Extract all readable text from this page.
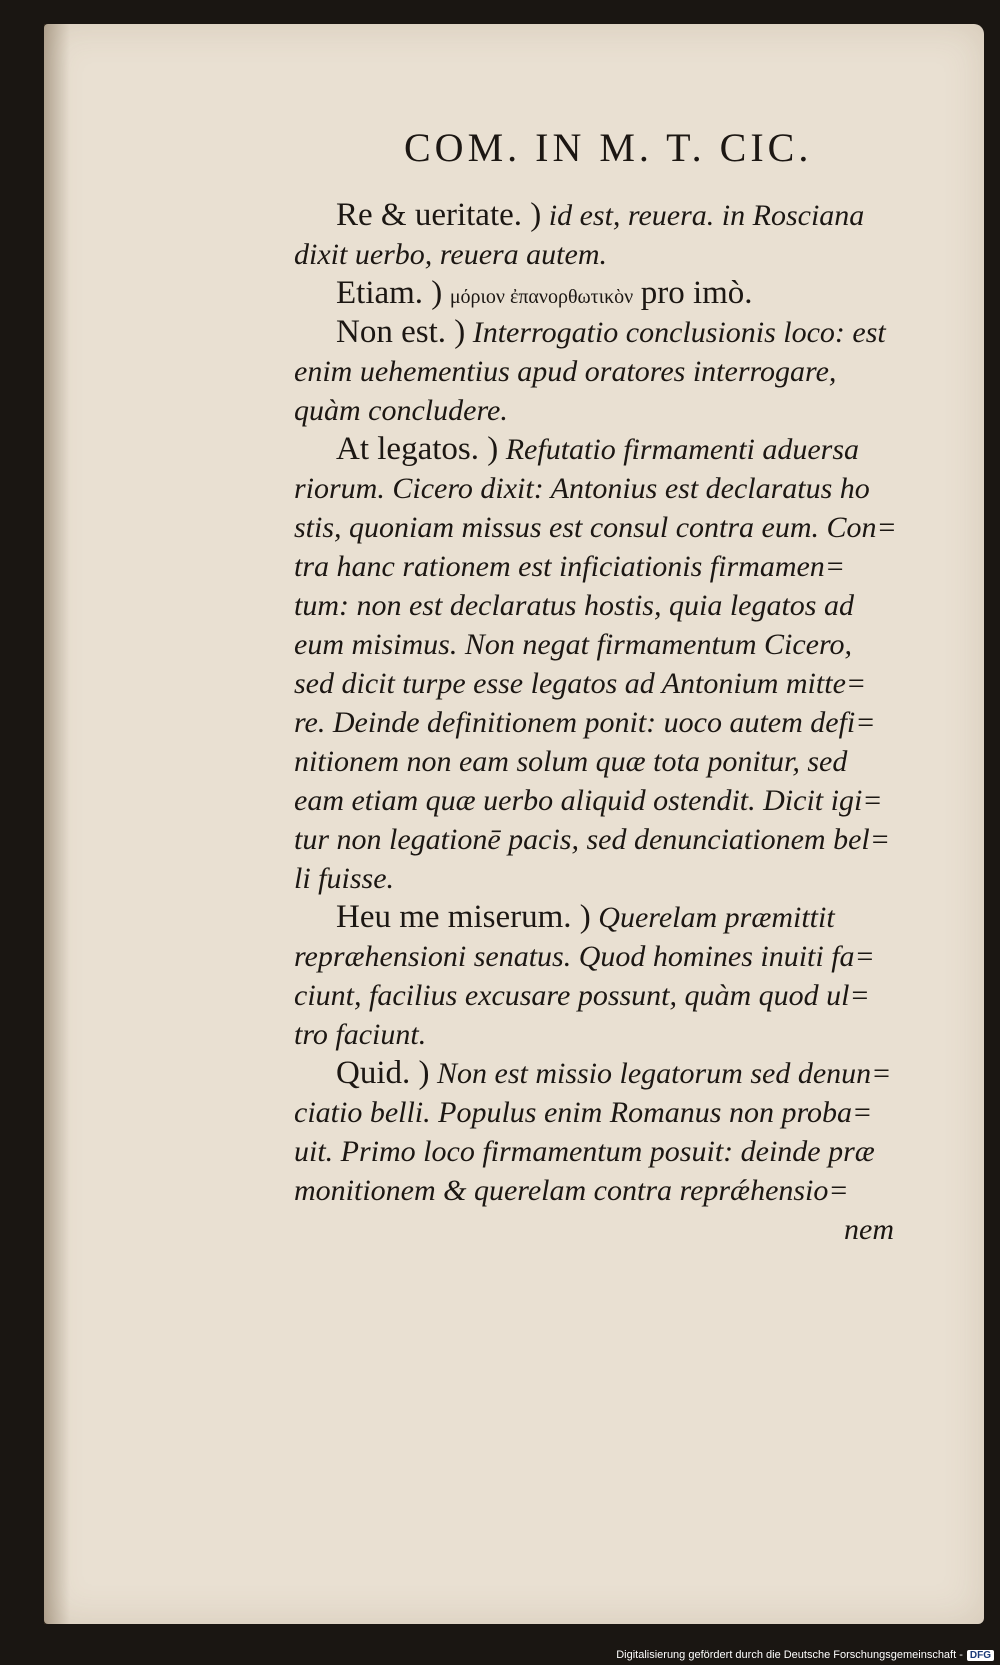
COM. IN M. T. CIC.
Re & ueritate. ) id est, reuera. in Rosciana
dixit uerbo, reuera autem.
Etiam. ) μόριον ἐπανορθωτικὸν pro imò.
Non est. ) Interrogatio conclusionis loco: est
enim uehementius apud oratores interrogare,
quàm concludere.
At legatos. ) Refutatio firmamenti aduersa
riorum. Cicero dixit: Antonius est declaratus ho
stis, quoniam missus est consul contra eum. Con=
tra hanc rationem est inficiationis firmamen=
tum: non est declaratus hostis, quia legatos ad
eum misimus. Non negat firmamentum Cicero,
sed dicit turpe esse legatos ad Antonium mitte=
re. Deinde definitionem ponit: uoco autem defi=
nitionem non eam solum quæ tota ponitur, sed
eam etiam quæ uerbo aliquid ostendit. Dicit igi=
tur non legationē pacis, sed denunciationem bel=
li fuisse.
Heu me miserum. ) Querelam præmittit
repræhensioni senatus. Quod homines inuiti fa=
ciunt, facilius excusare possunt, quàm quod ul=
tro faciunt.
Quid. ) Non est missio legatorum sed denun=
ciatio belli. Populus enim Romanus non proba=
uit. Primo loco firmamentum posuit: deinde præ
monitionem & querelam contra reprǽhensio=
nem
Digitalisierung gefördert durch die Deutsche Forschungsgemeinschaft - DFG
